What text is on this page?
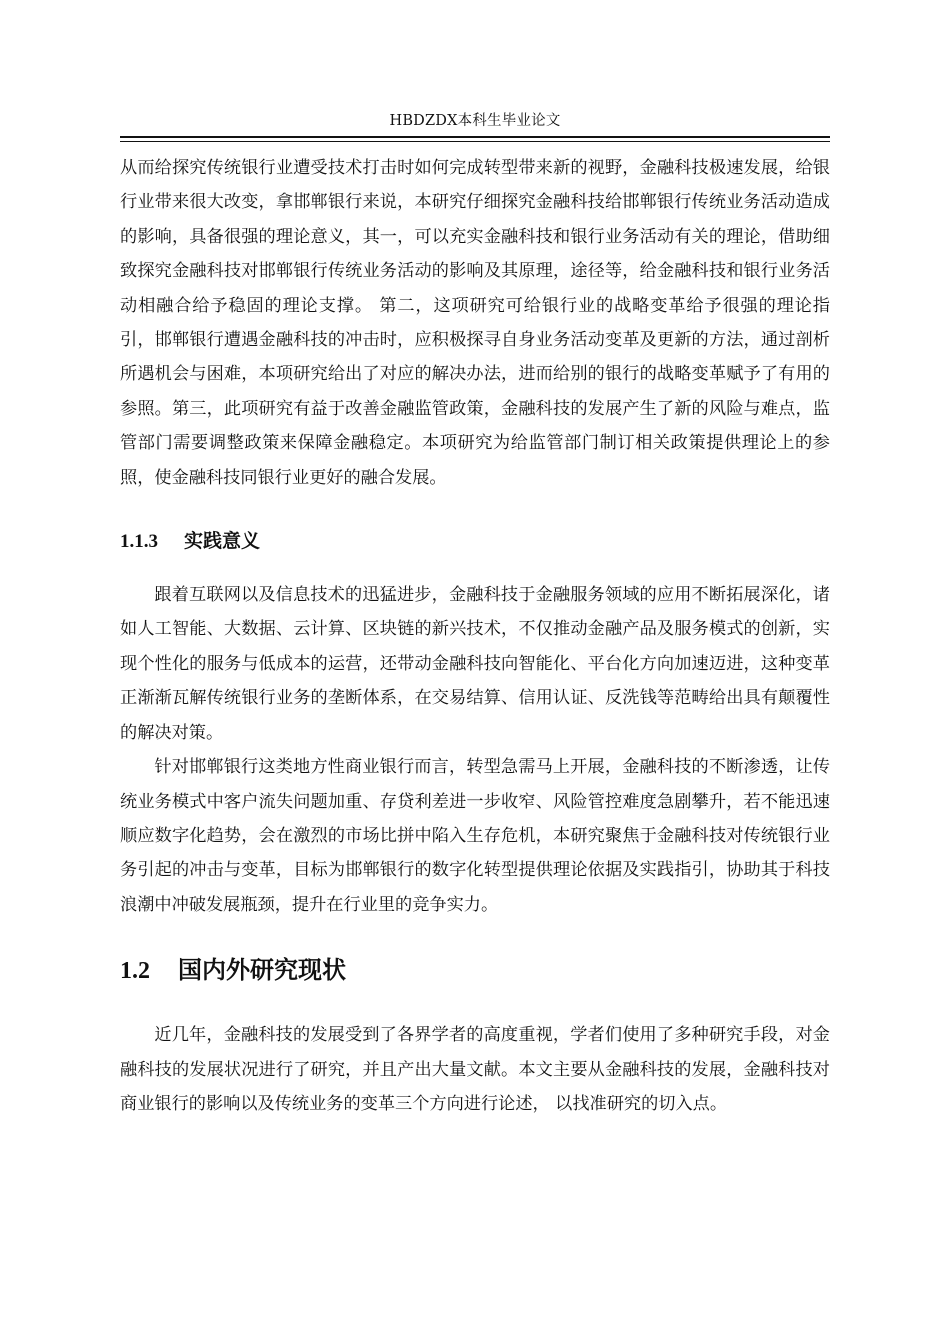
HBDZDX本科生毕业论文

从而给探究传统银行业遭受技术打击时如何完成转型带来新的视野，金融科技极速发展，给银行业带来很大改变，拿邯郸银行来说，本研究仔细探究金融科技给邯郸银行传统业务活动造成的影响，具备很强的理论意义，其一，可以充实金融科技和银行业务活动有关的理论，借助细致探究金融科技对邯郸银行传统业务活动的影响及其原理，途径等，给金融科技和银行业务活动相融合给予稳固的理论支撑。 第二，这项研究可给银行业的战略变革给予很强的理论指引，邯郸银行遭遇金融科技的冲击时，应积极探寻自身业务活动变革及更新的方法，通过剖析所遇机会与困难，本项研究给出了对应的解决办法，进而给别的银行的战略变革赋予了有用的参照。第三，此项研究有益于改善金融监管政策，金融科技的发展产生了新的风险与难点，监管部门需要调整政策来保障金融稳定。本项研究为给监管部门制订相关政策提供理论上的参照，使金融科技同银行业更好的融合发展。

1.1.3 实践意义

跟着互联网以及信息技术的迅猛进步，金融科技于金融服务领域的应用不断拓展深化，诸如人工智能、大数据、云计算、区块链的新兴技术，不仅推动金融产品及服务模式的创新，实现个性化的服务与低成本的运营，还带动金融科技向智能化、平台化方向加速迈进，这种变革正渐渐瓦解传统银行业务的垄断体系，在交易结算、信用认证、反洗钱等范畴给出具有颠覆性的解决对策。

针对邯郸银行这类地方性商业银行而言，转型急需马上开展，金融科技的不断渗透，让传统业务模式中客户流失问题加重、存贷利差进一步收窄、风险管控难度急剧攀升，若不能迅速顺应数字化趋势，会在激烈的市场比拼中陷入生存危机，本研究聚焦于金融科技对传统银行业务引起的冲击与变革，目标为邯郸银行的数字化转型提供理论依据及实践指引，协助其于科技浪潮中冲破发展瓶颈，提升在行业里的竞争实力。

1.2 国内外研究现状

近几年，金融科技的发展受到了各界学者的高度重视，学者们使用了多种研究手段，对金融科技的发展状况进行了研究，并且产出大量文献。本文主要从金融科技的发展，金融科技对商业银行的影响以及传统业务的变革三个方向进行论述， 以找准研究的切入点。
